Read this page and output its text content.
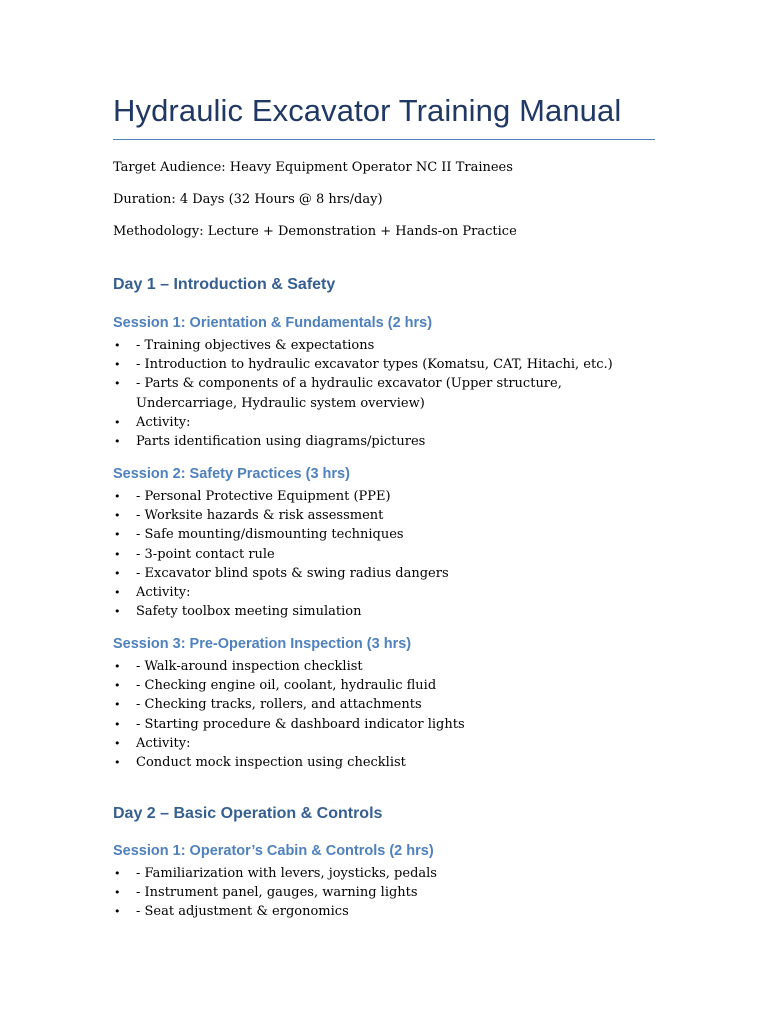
Hydraulic Excavator Training Manual
Target Audience: Heavy Equipment Operator NC II Trainees
Duration: 4 Days (32 Hours @ 8 hrs/day)
Methodology: Lecture + Demonstration + Hands-on Practice
Day 1 – Introduction & Safety
Session 1: Orientation & Fundamentals (2 hrs)
• - Training objectives & expectations
• - Introduction to hydraulic excavator types (Komatsu, CAT, Hitachi, etc.)
• - Parts & components of a hydraulic excavator (Upper structure, Undercarriage, Hydraulic system overview)
• Activity:
• Parts identification using diagrams/pictures
Session 2: Safety Practices (3 hrs)
• - Personal Protective Equipment (PPE)
• - Worksite hazards & risk assessment
• - Safe mounting/dismounting techniques
• - 3-point contact rule
• - Excavator blind spots & swing radius dangers
• Activity:
• Safety toolbox meeting simulation
Session 3: Pre-Operation Inspection (3 hrs)
• - Walk-around inspection checklist
• - Checking engine oil, coolant, hydraulic fluid
• - Checking tracks, rollers, and attachments
• - Starting procedure & dashboard indicator lights
• Activity:
• Conduct mock inspection using checklist
Day 2 – Basic Operation & Controls
Session 1: Operator’s Cabin & Controls (2 hrs)
• - Familiarization with levers, joysticks, pedals
• - Instrument panel, gauges, warning lights
• - Seat adjustment & ergonomics
